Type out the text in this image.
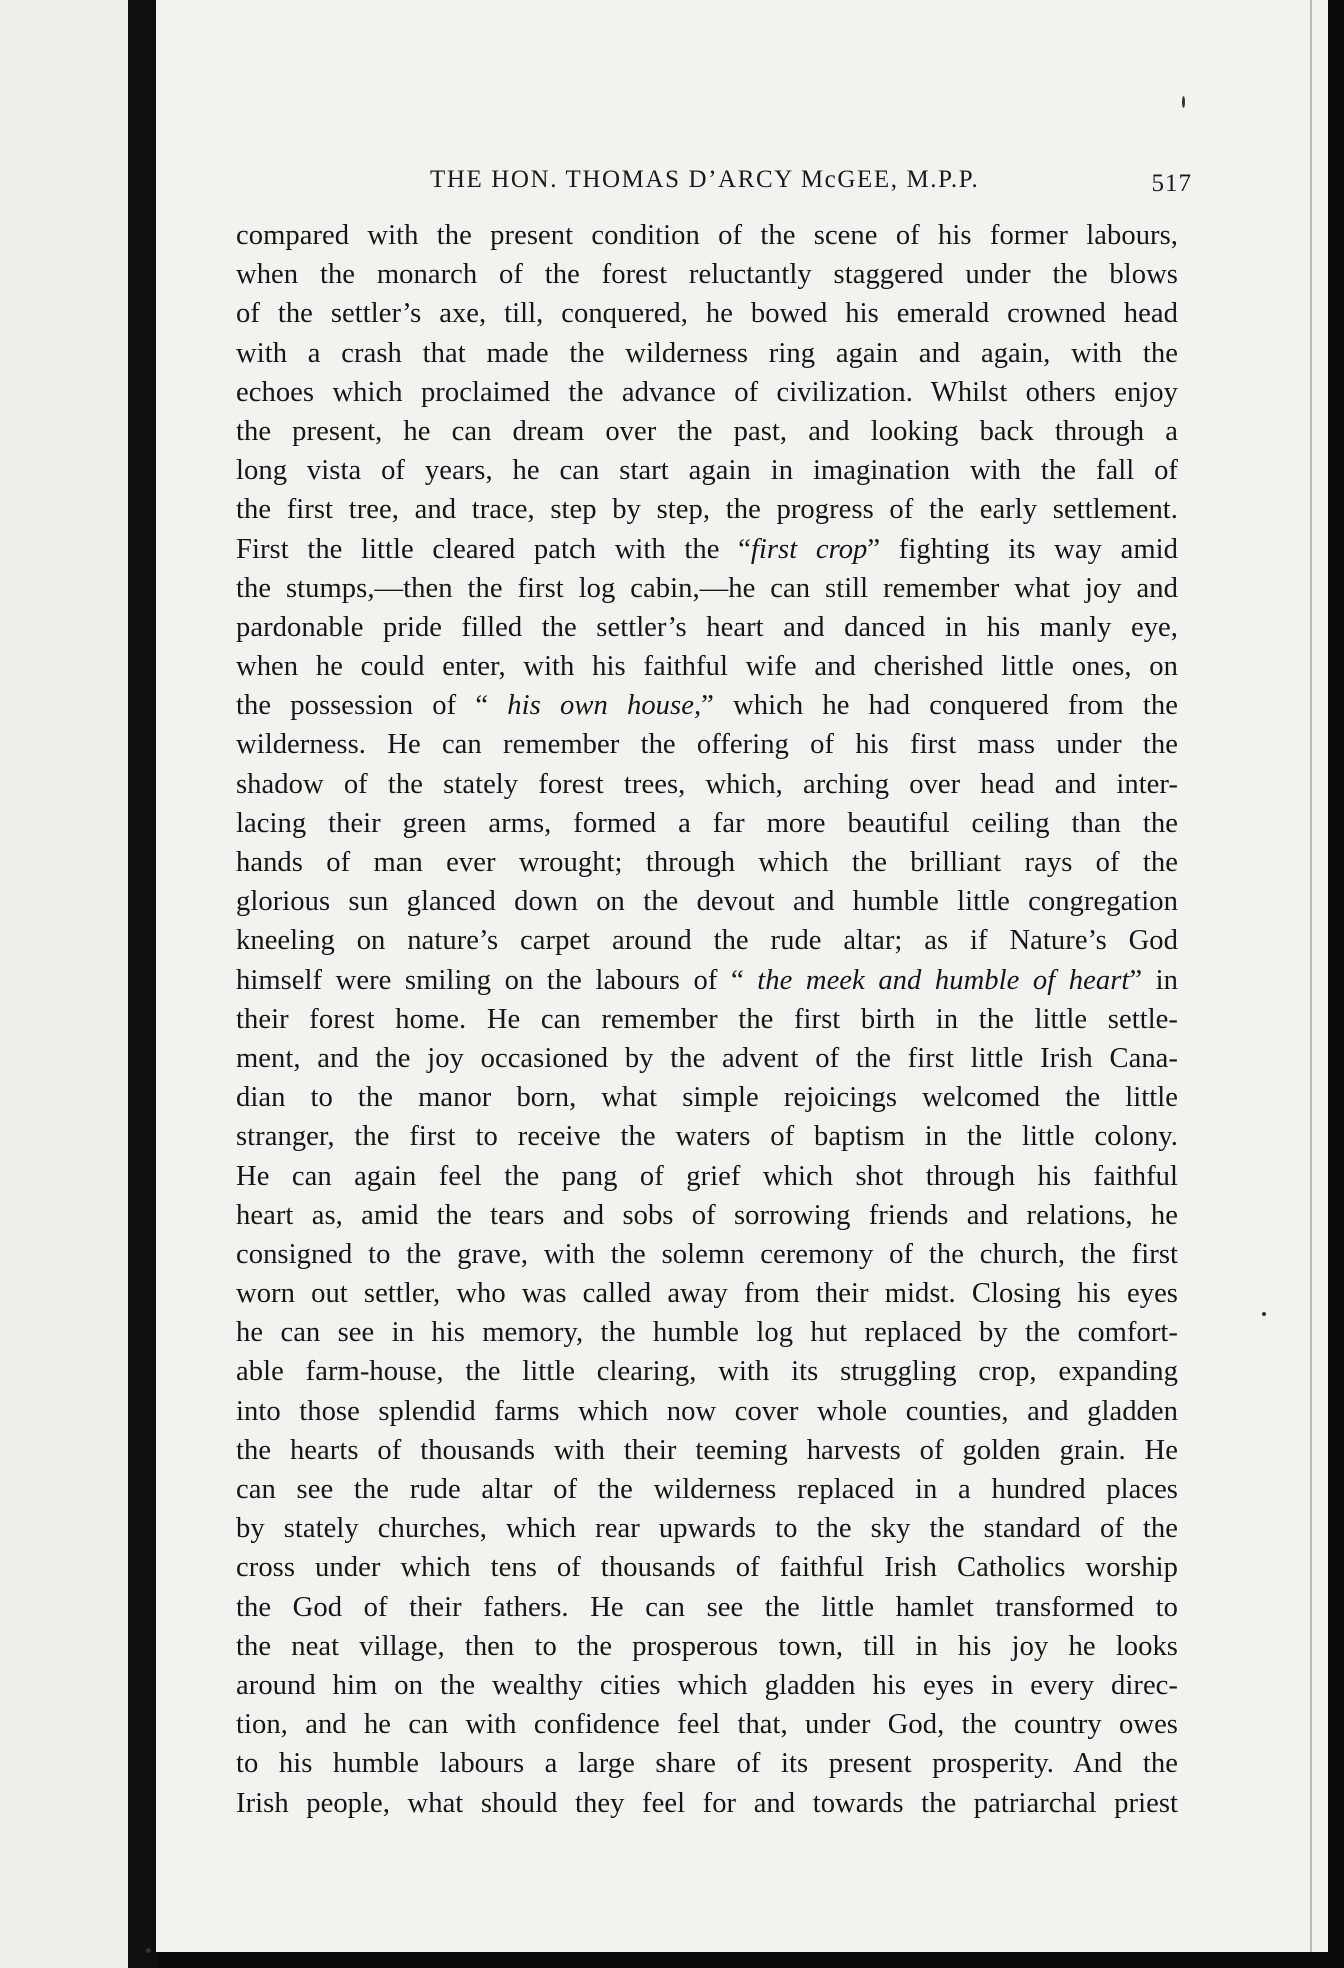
THE HON. THOMAS D’ARCY McGEE, M.P.P.	517
compared with the present condition of the scene of his former labours,
when the monarch of the forest reluctantly staggered under the blows
of the settler’s axe, till, conquered, he bowed his emerald crowned head
with a crash that made the wilderness ring again and again, with the
echoes which proclaimed the advance of civilization. Whilst others enjoy
the present, he can dream over the past, and looking back through a
long vista of years, he can start again in imagination with the fall of
the first tree, and trace, step by step, the progress of the early settlement.
First the little cleared patch with the “first crop” fighting its way amid
the stumps,—then the first log cabin,—he can still remember what joy and
pardonable pride filled the settler’s heart and danced in his manly eye,
when he could enter, with his faithful wife and cherished little ones, on
the possession of “ his own house,” which he had conquered from the
wilderness. He can remember the offering of his first mass under the
shadow of the stately forest trees, which, arching over head and inter-
lacing their green arms, formed a far more beautiful ceiling than the
hands of man ever wrought; through which the brilliant rays of the
glorious sun glanced down on the devout and humble little congregation
kneeling on nature’s carpet around the rude altar; as if Nature’s God
himself were smiling on the labours of “ the meek and humble of heart” in
their forest home. He can remember the first birth in the little settle-
ment, and the joy occasioned by the advent of the first little Irish Cana-
dian to the manor born, what simple rejoicings welcomed the little
stranger, the first to receive the waters of baptism in the little colony.
He can again feel the pang of grief which shot through his faithful
heart as, amid the tears and sobs of sorrowing friends and relations, he
consigned to the grave, with the solemn ceremony of the church, the first
worn out settler, who was called away from their midst. Closing his eyes
he can see in his memory, the humble log hut replaced by the comfort-
able farm-house, the little clearing, with its struggling crop, expanding
into those splendid farms which now cover whole counties, and gladden
the hearts of thousands with their teeming harvests of golden grain. He
can see the rude altar of the wilderness replaced in a hundred places
by stately churches, which rear upwards to the sky the standard of the
cross under which tens of thousands of faithful Irish Catholics worship
the God of their fathers. He can see the little hamlet transformed to
the neat village, then to the prosperous town, till in his joy he looks
around him on the wealthy cities which gladden his eyes in every direc-
tion, and he can with confidence feel that, under God, the country owes
to his humble labours a large share of its present prosperity. And the
Irish people, what should they feel for and towards the patriarchal priest
